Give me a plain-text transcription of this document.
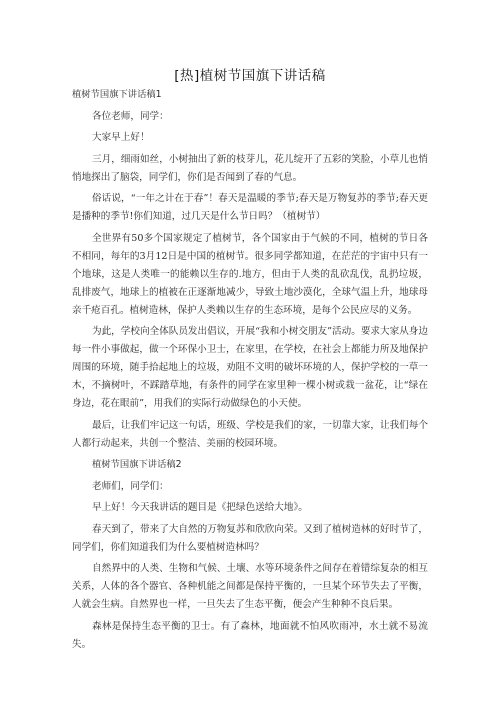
[热]植树节国旗下讲话稿

植树节国旗下讲话稿1

各位老师，同学：

大家早上好！

三月，细雨如丝，小树抽出了新的枝芽儿，花儿绽开了五彩的笑脸，小草儿也悄悄地探出了脑袋，同学们，你们是否闻到了春的气息。

俗话说，“一年之计在于春”！春天是温暖的季节;春天是万物复苏的季节;春天更是播种的季节!你们知道，过几天是什么节日吗？（植树节）

全世界有50多个国家规定了植树节，各个国家由于气候的不同，植树的节日各不相同，每年的3月12日是中国的植树节。很多同学都知道，在茫茫的宇宙中只有一个地球，这是人类唯一的能赖以生存的.地方，但由于人类的乱砍乱伐，乱扔垃圾，乱排废气，地球上的植被在正逐渐地减少，导致土地沙漠化，全球气温上升，地球母亲千疮百孔。植树造林，保护人类赖以生存的生态环境，是每个公民应尽的义务。

为此，学校向全体队员发出倡议，开展“我和小树交朋友”活动。要求大家从身边每一件小事做起，做一个环保小卫士，在家里，在学校，在社会上都能力所及地保护周围的环境，随手拾起地上的垃圾，劝阻不文明的破坏环境的人，保护学校的一草一木，不摘树叶，不踩踏草地，有条件的同学在家里种一棵小树或栽一盆花，让“绿在身边，花在眼前”，用我们的实际行动做绿色的小天使。

最后，让我们牢记这一句话，班级、学校是我们的家，一切靠大家，让我们每个人都行动起来，共创一个整洁、美丽的校园环境。

植树节国旗下讲话稿2

老师们，同学们：

早上好！今天我讲话的题目是《把绿色送给大地》。

春天到了，带来了大自然的万物复苏和欣欣向荣。又到了植树造林的好时节了，同学们，你们知道我们为什么要植树造林吗？

自然界中的人类、生物和气候、土壤、水等环境条件之间存在着错综复杂的相互关系，人体的各个器官、各种机能之间都是保持平衡的，一旦某个环节失去了平衡，人就会生病。自然界也一样，一旦失去了生态平衡，便会产生种种不良后果。

森林是保持生态平衡的卫士。有了森林，地面就不怕风吹雨冲，水土就不易流失。
